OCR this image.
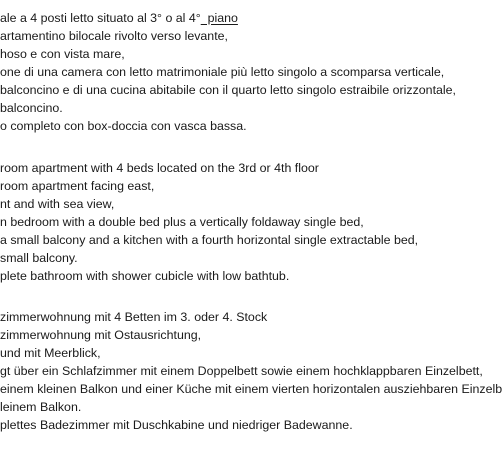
ale a 4 posti letto situato al 3° o al 4°  piano
artamentino bilocale rivolto verso levante,
hoso e con vista mare,
one di una camera con letto matrimoniale più letto singolo a scomparsa verticale,
balconcino e di una cucina abitabile con il quarto letto singolo estraibile orizzontale,
balconcino.
o completo con box-doccia con vasca bassa.
room apartment with 4 beds located on the 3rd or 4th floor
room apartment facing east,
nt and with sea view,
n bedroom with a double bed plus a vertically foldaway single bed,
a small balcony and a kitchen with a fourth horizontal single extractable bed,
small balcony.
plete bathroom with shower cubicle with low bathtub.
zimmerwohnung mit 4 Betten im 3. oder 4. Stock
zimmerwohnung mit Ostausrichtung,
und mit Meerblick,
gt über ein Schlafzimmer mit einem Doppelbett sowie einem hochklappbaren Einzelbett,
einem kleinen Balkon und einer Küche mit einem vierten horizontalen ausziehbaren Einzelb
leinem Balkon.
plettes Badezimmer mit Duschkabine und niedriger Badewanne.
